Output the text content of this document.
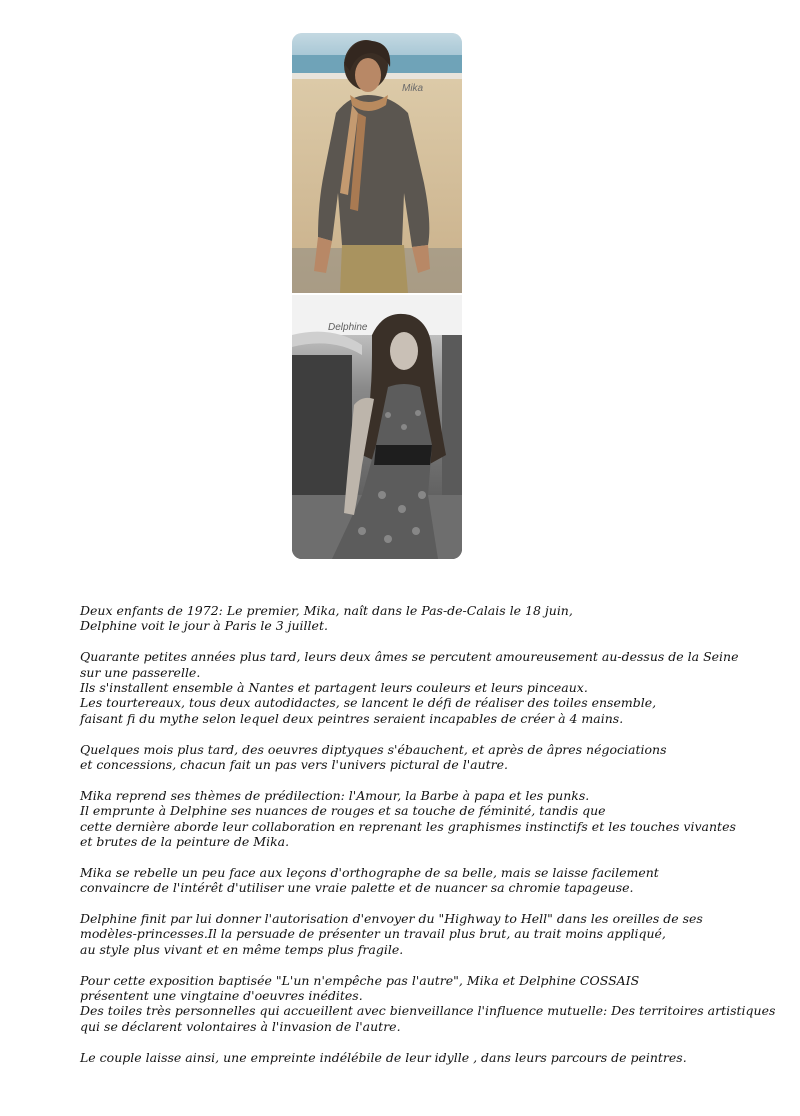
Mika
Delphine

Deux enfants de 1972: Le premier, Mika, naît dans le Pas-de-Calais le 18 juin,
Delphine voit le jour à Paris le 3 juillet.

Quarante petites années plus tard, leurs deux âmes se percutent amoureusement au-dessus de la Seine
sur une passerelle.
Ils s'installent ensemble à Nantes et partagent leurs couleurs et leurs pinceaux.
Les tourtereaux, tous deux autodidactes, se lancent le défi de réaliser des toiles ensemble,
faisant fi du mythe selon lequel deux peintres seraient incapables de créer à 4 mains.

Quelques mois plus tard, des oeuvres diptyques s'ébauchent, et après de âpres négociations
et concessions, chacun fait un pas vers l'univers pictural de l'autre.

Mika reprend ses thèmes de prédilection: l'Amour, la Barbe à papa et les punks.
Il emprunte à Delphine ses nuances de rouges et sa touche de féminité, tandis que
cette dernière aborde leur collaboration en reprenant les graphismes instinctifs et les touches vivantes
et brutes de la peinture de Mika.

Mika se rebelle un peu face aux leçons d'orthographe de sa belle, mais se laisse facilement
convaincre de l'intérêt d'utiliser une vraie palette et de nuancer sa chromie tapageuse.

Delphine finit par lui donner l'autorisation d'envoyer du "Highway to Hell" dans les oreilles de ses
modèles-princesses.Il la persuade de présenter un travail plus brut, au trait moins appliqué,
au style plus vivant et en même temps plus fragile.

Pour cette exposition baptisée "L'un n'empêche pas l'autre", Mika et Delphine COSSAIS
présentent une vingtaine d'oeuvres inédites.
Des toiles très personnelles qui accueillent avec bienveillance l'influence mutuelle: Des territoires artistiques
qui se déclarent volontaires à l'invasion de l'autre.

Le couple laisse ainsi, une empreinte indélébile de leur idylle , dans leurs parcours de peintres.
